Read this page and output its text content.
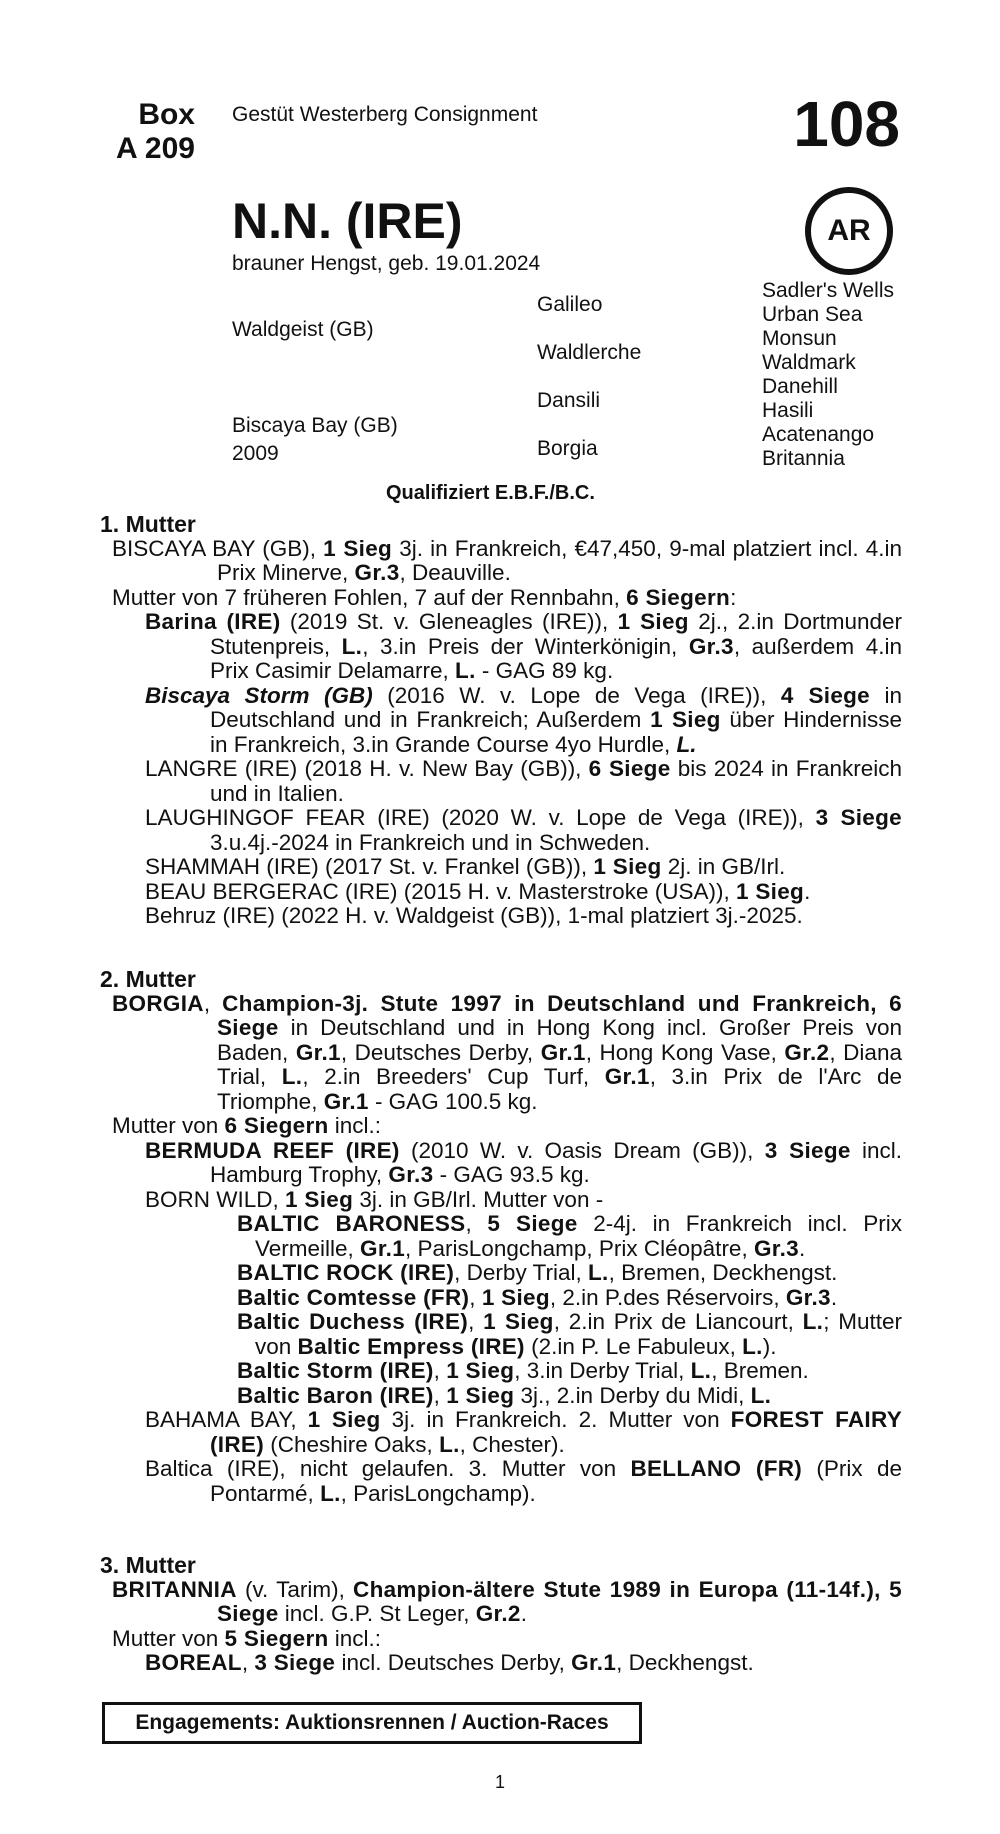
Box
A 209
Gestüt Westerberg Consignment	108
AR
N.N. (IRE)
brauner Hengst, geb. 19.01.2024
Waldgeist (GB)
Biscaya Bay (GB)
2009
Galileo
Waldlerche
Dansili
Borgia
Sadler's Wells
Urban Sea
Monsun
Waldmark
Danehill
Hasili
Acatenango
Britannia
Qualifiziert E.B.F./B.C.

1. Mutter

BISCAYA BAY (GB), 1 Sieg 3j. in Frankreich, €47,450, 9-mal platziert incl. 4.in Prix Minerve, Gr.3, Deauville.

Mutter von 7 früheren Fohlen, 7 auf der Rennbahn, 6 Siegern:

Barina (IRE) (2019 St. v. Gleneagles (IRE)), 1 Sieg 2j., 2.in Dortmunder Stutenpreis, L., 3.in Preis der Winterkönigin, Gr.3, außerdem 4.in Prix Casimir Delamarre, L. - GAG 89 kg.

Biscaya Storm (GB) (2016 W. v. Lope de Vega (IRE)), 4 Siege in Deutschland und in Frankreich; Außerdem 1 Sieg über Hindernisse in Frankreich, 3.in Grande Course 4yo Hurdle, L.

LANGRE (IRE) (2018 H. v. New Bay (GB)), 6 Siege bis 2024 in Frankreich und in Italien.

LAUGHINGOF FEAR (IRE) (2020 W. v. Lope de Vega (IRE)), 3 Siege 3.u.4j.-2024 in Frankreich und in Schweden.

SHAMMAH (IRE) (2017 St. v. Frankel (GB)), 1 Sieg 2j. in GB/Irl.

BEAU BERGERAC (IRE) (2015 H. v. Masterstroke (USA)), 1 Sieg.

Behruz (IRE) (2022 H. v. Waldgeist (GB)), 1-mal platziert 3j.-2025.

2. Mutter

BORGIA, Champion-3j. Stute 1997 in Deutschland und Frankreich, 6 Siege in Deutschland und in Hong Kong incl. Großer Preis von Baden, Gr.1, Deutsches Derby, Gr.1, Hong Kong Vase, Gr.2, Diana Trial, L., 2.in Breeders' Cup Turf, Gr.1, 3.in Prix de l'Arc de Triomphe, Gr.1 - GAG 100.5 kg.

Mutter von 6 Siegern incl.:

BERMUDA REEF (IRE) (2010 W. v. Oasis Dream (GB)), 3 Siege incl. Hamburg Trophy, Gr.3 - GAG 93.5 kg.

BORN WILD, 1 Sieg 3j. in GB/Irl. Mutter von -

BALTIC BARONESS, 5 Siege 2-4j. in Frankreich incl. Prix Vermeille, Gr.1, ParisLongchamp, Prix Cléopâtre, Gr.3.

BALTIC ROCK (IRE), Derby Trial, L., Bremen, Deckhengst.

Baltic Comtesse (FR), 1 Sieg, 2.in P.des Réservoirs, Gr.3.

Baltic Duchess (IRE), 1 Sieg, 2.in Prix de Liancourt, L.; Mutter von Baltic Empress (IRE) (2.in P. Le Fabuleux, L.).

Baltic Storm (IRE), 1 Sieg, 3.in Derby Trial, L., Bremen.

Baltic Baron (IRE), 1 Sieg 3j., 2.in Derby du Midi, L.

BAHAMA BAY, 1 Sieg 3j. in Frankreich. 2. Mutter von FOREST FAIRY (IRE) (Cheshire Oaks, L., Chester).

Baltica (IRE), nicht gelaufen. 3. Mutter von BELLANO (FR) (Prix de Pontarmé, L., ParisLongchamp).

3. Mutter

BRITANNIA (v. Tarim), Champion-ältere Stute 1989 in Europa (11-14f.), 5 Siege incl. G.P. St Leger, Gr.2.

Mutter von 5 Siegern incl.:

BOREAL, 3 Siege incl. Deutsches Derby, Gr.1, Deckhengst.

Engagements: Auktionsrennen / Auction-Races
1
